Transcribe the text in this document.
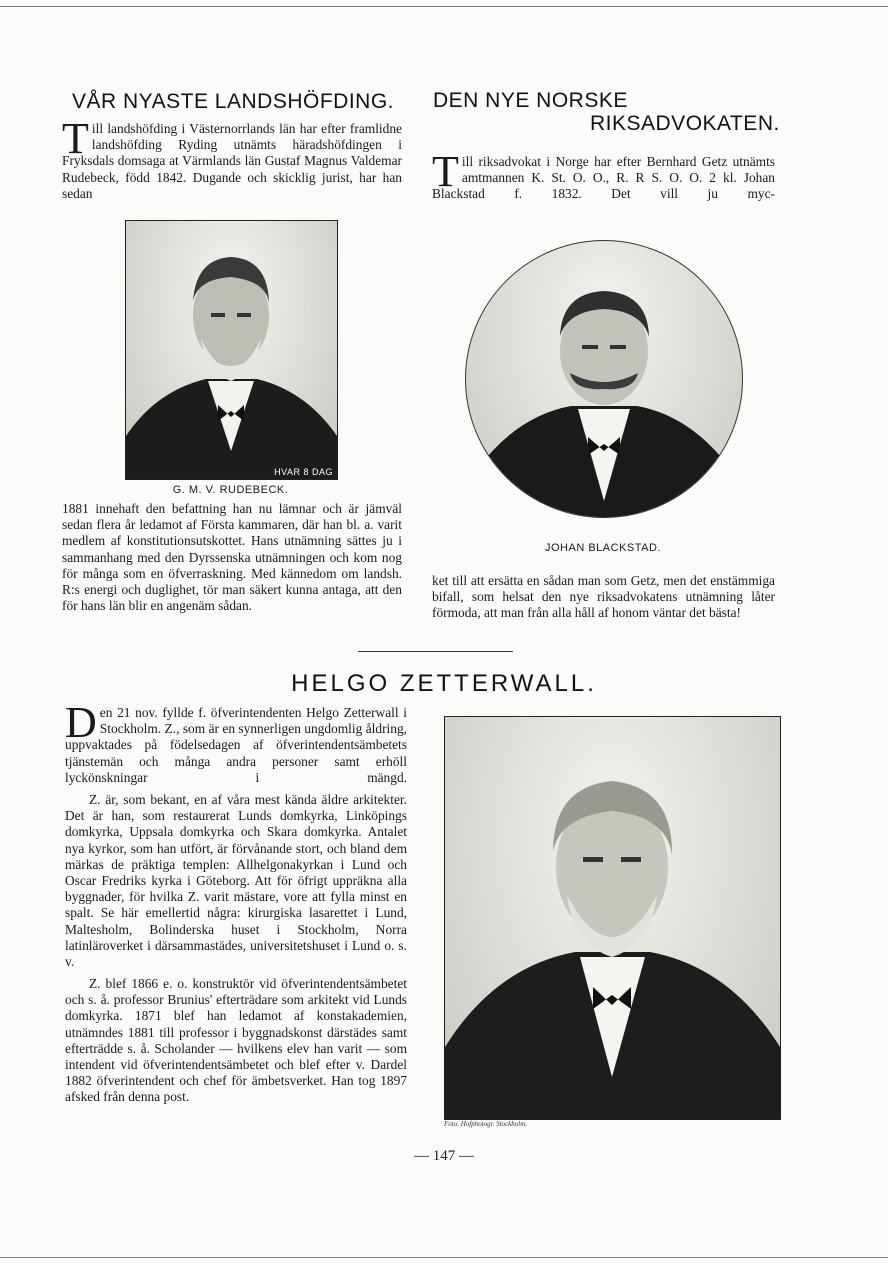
VÅR NYASTE LANDSHÖFDING.

Till landshöfding i Västernorrlands län har efter framlidne landshöfding Ryding utnämts häradshöfdingen i Fryksdals domsaga at Värmlands län Gustaf Magnus Valdemar Rudebeck, född 1842. Dugande och skicklig jurist, har han sedan

HVAR 8 DAG

G. M. V. RUDEBECK.

1881 innehaft den befattning han nu lämnar och är jämväl sedan flera år ledamot af Första kammaren, där han bl. a. varit medlem af konstitutionsutskottet. Hans utnämning sättes ju i sammanhang med den Dyrssenska utnämningen och kom nog för många som en öfverraskning. Med kännedom om landsh. R:s energi och duglighet, tör man säkert kunna antaga, att den för hans län blir en angenäm sådan.

DEN NYE NORSKE
RIKSADVOKATEN.

Till riksadvokat i Norge har efter Bernhard Getz utnämts amtmannen K. St. O. O., R. R S. O. O. 2 kl. Johan Blackstad f. 1832. Det vill ju myc-

JOHAN BLACKSTAD.

ket till att ersätta en sådan man som Getz, men det enstämmiga bifall, som helsat den nye riksadvokatens utnämning låter förmoda, att man från alla håll af honom väntar det bästa!

HELGO ZETTERWALL.

Den 21 nov. fyllde f. öfverintendenten Helgo Zetterwall i Stockholm. Z., som är en synnerligen ungdomlig åldring, uppvaktades på födelsedagen af öfverintendentsämbetets tjänstemän och många andra personer samt erhöll lyckönskningar i mängd.

Z. är, som bekant, en af våra mest kända äldre arkitekter. Det är han, som restaurerat Lunds domkyrka, Linköpings domkyrka, Uppsala domkyrka och Skara domkyrka. Antalet nya kyrkor, som han utfört, är förvånande stort, och bland dem märkas de präktiga templen: Allhelgonakyrkan i Lund och Oscar Fredriks kyrka i Göteborg. Att för öfrigt uppräkna alla byggnader, för hvilka Z. varit mästare, vore att fylla minst en spalt. Se här emellertid några: kirurgiska lasarettet i Lund, Maltesholm, Bolinderska huset i Stockholm, Norra latinläroverket i därsammastädes, universitetshuset i Lund o. s. v.

Z. blef 1866 e. o. konstruktör vid öfverintendentsämbetet och s. å. professor Brunius' efterträdare som arkitekt vid Lunds domkyrka. 1871 blef han ledamot af konstakademien, utnämndes 1881 till professor i byggnadskonst därstädes samt efterträdde s. å. Scholander — hvilkens elev han varit — som intendent vid öfverintendentsämbetet och blef efter v. Dardel 1882 öfverintendent och chef för ämbetsverket. Han tog 1897 afsked från denna post.

Foto. Hofphotogr. Stockholm.
— 147 —
